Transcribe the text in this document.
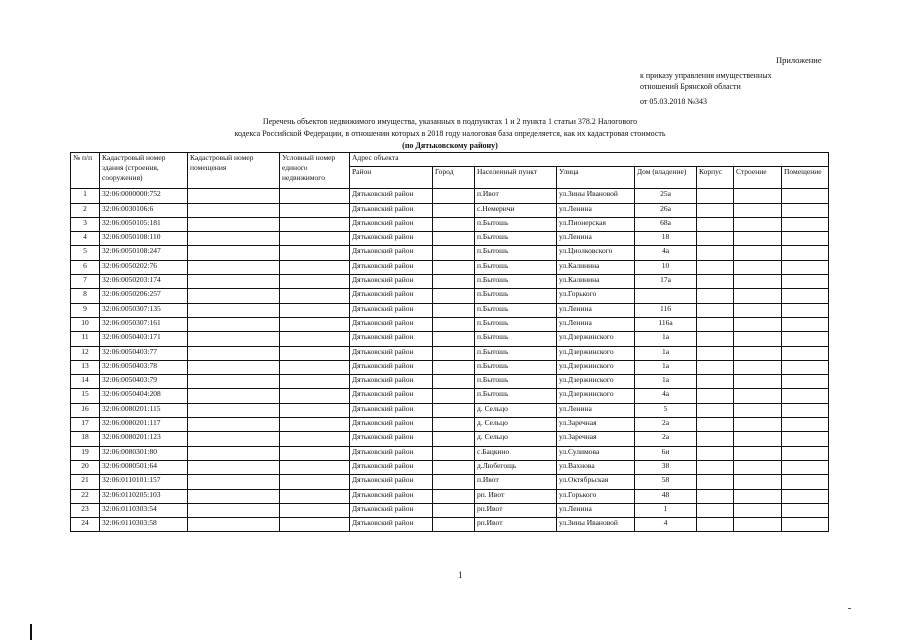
Приложение
к приказу управления имущественных
отношений Брянской области
от 05.03.2018 №343
Перечень объектов недвижимого имущества, указанных в подпунктах 1 и 2 пункта 1 статьи 378.2 Налогового
кодекса Российской Федерации, в отношении которых в 2018 году налоговая база определяется, как их кадастровая стоимость
(по Дятьковскому району)
№ п/п	Кадастровый номер здания (строения, сооружения)	Кадастровый номер помещения	Условный номер единого недвижимого	Адрес объекта							
				Район	Город	Населенный пункт	Улица	Дом (владение)	Корпус	Строение	Помещение
1	32:06:0000000:752			Дятьковский район		п.Ивот	ул.Зины Ивановой	25а			
2	32:06:0030106:6			Дятьковский район		с.Немеричи	ул.Ленина	26а			
3	32:06:0050105:181			Дятьковский район		п.Бытошь	ул.Пионерская	68а			
4	32:06:0050108:110			Дятьковский район		п.Бытошь	ул.Ленина	18			
5	32:06:0050108:247			Дятьковский район		п.Бытошь	ул.Циолковского	4а			
6	32:06:0050202:76			Дятьковский район		п.Бытошь	ул.Калинина	10			
7	32:06:0050203:174			Дятьковский район		п.Бытошь	ул.Калинина	17а			
8	32:06:0050206:257			Дятьковский район		п.Бытошь	ул.Горького				
9	32:06:0050307:135			Дятьковский район		п.Бытошь	ул.Ленина	116			
10	32:06:0050307:161			Дятьковский район		п.Бытошь	ул.Ленина	116а			
11	32:06:0050403:171			Дятьковский район		п.Бытошь	ул.Дзержинского	1а			
12	32:06:0050403:77			Дятьковский район		п.Бытошь	ул.Дзержинского	1а			
13	32:06:0050403:78			Дятьковский район		п.Бытошь	ул.Дзержинского	1а			
14	32:06:0050403:79			Дятьковский район		п.Бытошь	ул.Дзержинского	1а			
15	32:06:0050404:208			Дятьковский район		п.Бытошь	ул.Дзержинского	4а			
16	32:06:0080201:115			Дятьковский район		д. Сельцо	ул.Ленина	5			
17	32:06:0080201:117			Дятьковский район		д. Сельцо	ул.Заречная	2а			
18	32:06:0080201:123			Дятьковский район		д. Сельцо	ул.Заречная	2а			
19	32:06:0080301:80			Дятьковский район		с.Бацкино	ул.Сулимова	6и			
20	32:06:0080501:64			Дятьковский район		д.Любегощь	ул.Вахнова	38			
21	32:06:0110101:157			Дятьковский район		п.Ивот	ул.Октябрьская	58			
22	32:06:0110205:103			Дятьковский район		рп. Ивот	ул.Горького	48			
23	32:06:0110303:54			Дятьковский район		рп.Ивот	ул.Ленина	1			
24	32:06:0110303:58			Дятьковский район		рп.Ивот	ул.Зины Ивановой	4			
1
